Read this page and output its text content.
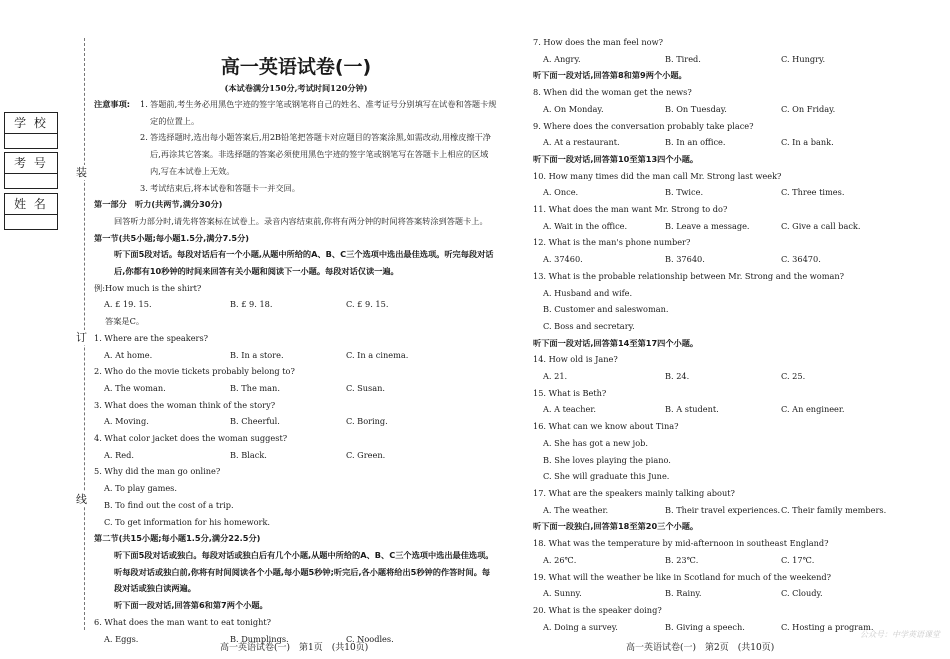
装
订
线
学 校
考 号
姓 名
高一英语试卷(一)
(本试卷满分150分,考试时间120分钟)
注意事项:	1. 答题前,考生务必用黑色字迹的签字笔或钢笔将自己的姓名、准考证号分别填写在试卷和答题卡规定的位置上。
2. 答选择题时,选出每小题答案后,用2B铅笔把答题卡对应题目的答案涂黑,如需改动,用橡皮擦干净后,再涂其它答案。非选择题的答案必须使用黑色字迹的签字笔或钢笔写在答题卡上相应的区域内,写在本试卷上无效。
3. 考试结束后,将本试卷和答题卡一并交回。
第一部分　听力(共两节,满分30分)
回答听力部分时,请先将答案标在试卷上。录音内容结束前,你将有两分钟的时间将答案转涂到答题卡上。
第一节(共5小题;每小题1.5分,满分7.5分)
听下面5段对话。每段对话后有一个小题,从题中所给的A、B、C三个选项中选出最佳选项。听完每段对话后,你都有10秒钟的时间来回答有关小题和阅读下一小题。每段对话仅读一遍。
例:How much is the shirt?
A. £ 19. 15.	B. £ 9. 18.	C. £ 9. 15.
答案是C。
1. Where are the speakers?
A. At home.	B. In a store.	C. In a cinema.
2. Who do the movie tickets probably belong to?
A. The woman.	B. The man.	C. Susan.
3. What does the woman think of the story?
A. Moving.	B. Cheerful.	C. Boring.
4. What color jacket does the woman suggest?
A. Red.	B. Black.	C. Green.
5. Why did the man go online?
A. To play games.
B. To find out the cost of a trip.
C. To get information for his homework.
第二节(共15小题;每小题1.5分,满分22.5分)
听下面5段对话或独白。每段对话或独白后有几个小题,从题中所给的A、B、C三个选项中选出最佳选项。听每段对话或独白前,你将有时间阅读各个小题,每小题5秒钟;听完后,各小题将给出5秒钟的作答时间。每段对话或独白读两遍。
听下面一段对话,回答第6和第7两个小题。
6. What does the man want to eat tonight?
A. Eggs.	B. Dumplings.	C. Noodles.
7. How does the man feel now?
A. Angry.	B. Tired.	C. Hungry.
听下面一段对话,回答第8和第9两个小题。
8. When did the woman get the news?
A. On Monday.	B. On Tuesday.	C. On Friday.
9. Where does the conversation probably take place?
A. At a restaurant.	B. In an office.	C. In a bank.
听下面一段对话,回答第10至第13四个小题。
10. How many times did the man call Mr. Strong last week?
A. Once.	B. Twice.	C. Three times.
11. What does the man want Mr. Strong to do?
A. Wait in the office.	B. Leave a message.	C. Give a call back.
12. What is the man's phone number?
A. 37460.	B. 37640.	C. 36470.
13. What is the probable relationship between Mr. Strong and the woman?
A. Husband and wife.
B. Customer and saleswoman.
C. Boss and secretary.
听下面一段对话,回答第14至第17四个小题。
14. How old is Jane?
A. 21.	B. 24.	C. 25.
15. What is Beth?
A. A teacher.	B. A student.	C. An engineer.
16. What can we know about Tina?
A. She has got a new job.
B. She loves playing the piano.
C. She will graduate this June.
17. What are the speakers mainly talking about?
A. The weather.	B. Their travel experiences. C. Their family members.
听下面一段独白,回答第18至第20三个小题。
18. What was the temperature by mid-afternoon in southeast England?
A. 26℃.	B. 23℃.	C. 17℃.
19. What will the weather be like in Scotland for much of the weekend?
A. Sunny.	B. Rainy.	C. Cloudy.
20. What is the speaker doing?
A. Doing a survey.	B. Giving a speech.	C. Hosting a program.
高一英语试卷(一)　第1页　(共10页)	高一英语试卷(一)　第2页　(共10页)
公众号：中学英语课堂
